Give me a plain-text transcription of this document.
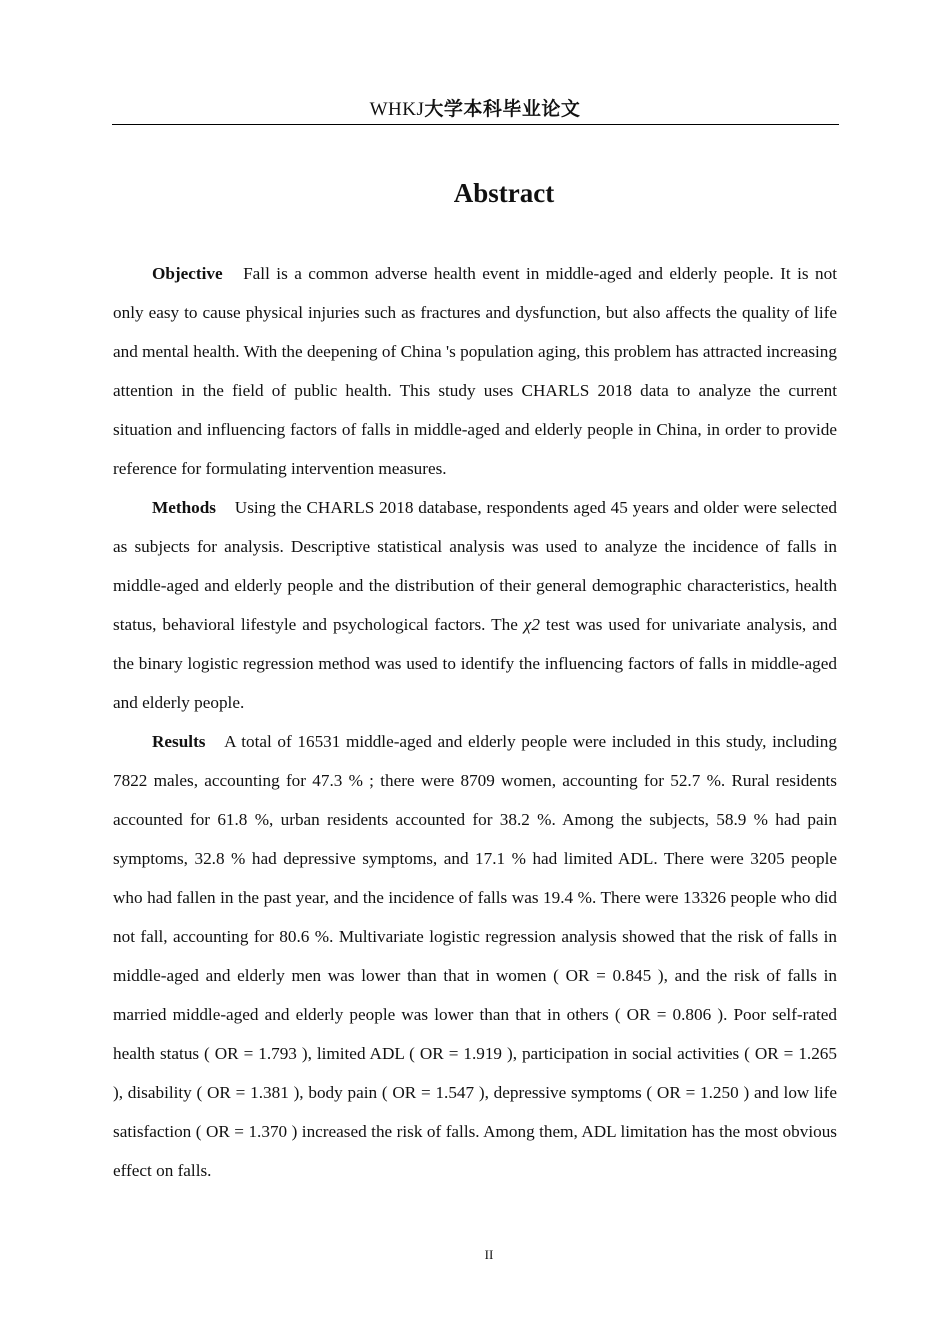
WHKJ大学本科毕业论文
Abstract

Objective Fall is a common adverse health event in middle-aged and elderly people. It is not only easy to cause physical injuries such as fractures and dysfunction, but also affects the quality of life and mental health. With the deepening of China 's population aging, this problem has attracted increasing attention in the field of public health. This study uses CHARLS 2018 data to analyze the current situation and influencing factors of falls in middle-aged and elderly people in China, in order to provide reference for formulating intervention measures.

Methods Using the CHARLS 2018 database, respondents aged 45 years and older were selected as subjects for analysis. Descriptive statistical analysis was used to analyze the incidence of falls in middle-aged and elderly people and the distribution of their general demographic characteristics, health status, behavioral lifestyle and psychological factors. The χ2 test was used for univariate analysis, and the binary logistic regression method was used to identify the influencing factors of falls in middle-aged and elderly people.

Results A total of 16531 middle-aged and elderly people were included in this study, including 7822 males, accounting for 47.3 % ; there were 8709 women, accounting for 52.7 %. Rural residents accounted for 61.8 %, urban residents accounted for 38.2 %. Among the subjects, 58.9 % had pain symptoms, 32.8 % had depressive symptoms, and 17.1 % had limited ADL. There were 3205 people who had fallen in the past year, and the incidence of falls was 19.4 %. There were 13326 people who did not fall, accounting for 80.6 %. Multivariate logistic regression analysis showed that the risk of falls in middle-aged and elderly men was lower than that in women ( OR = 0.845 ), and the risk of falls in married middle-aged and elderly people was lower than that in others ( OR = 0.806 ). Poor self-rated health status ( OR = 1.793 ), limited ADL ( OR = 1.919 ), participation in social activities ( OR = 1.265 ), disability ( OR = 1.381 ), body pain ( OR = 1.547 ), depressive symptoms ( OR = 1.250 ) and low life satisfaction ( OR = 1.370 ) increased the risk of falls. Among them, ADL limitation has the most obvious effect on falls.

II
